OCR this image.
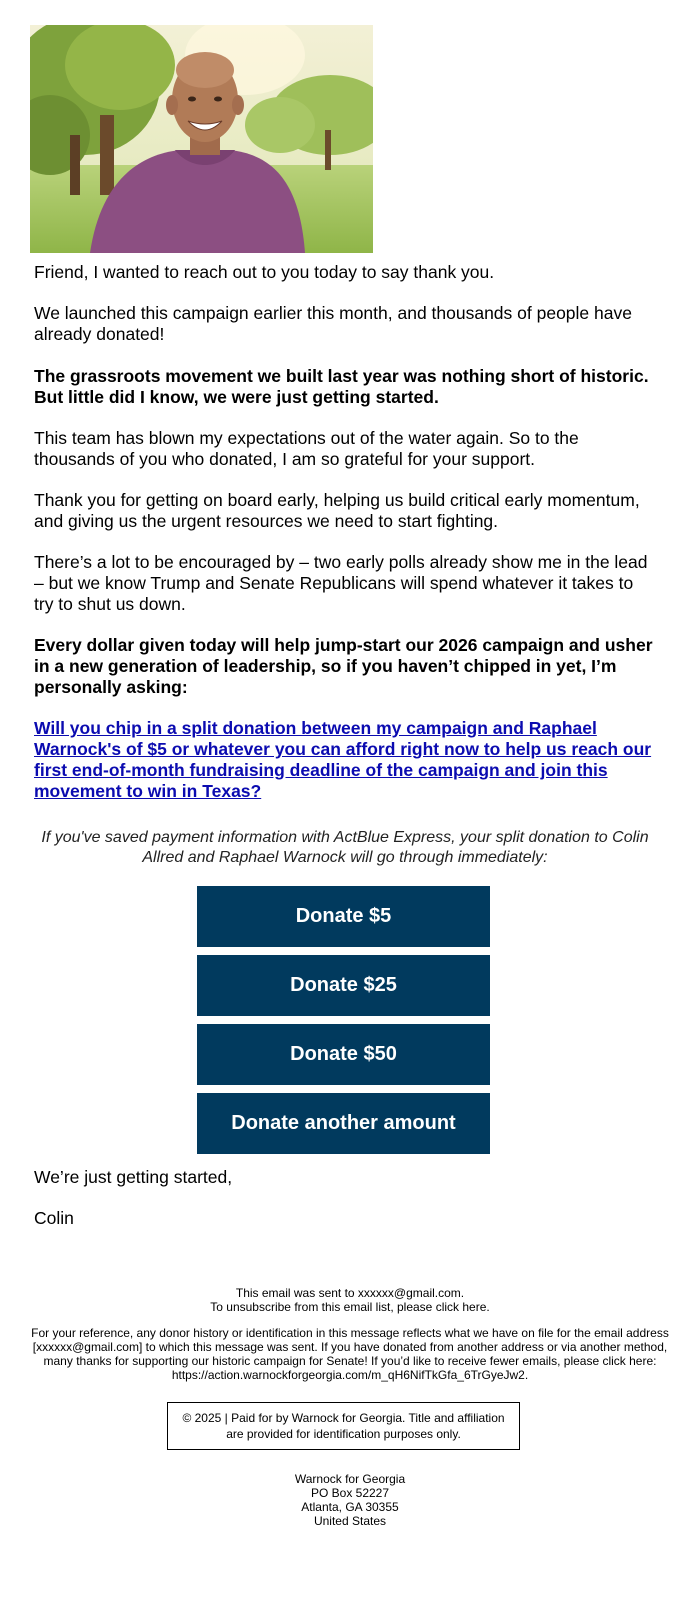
Friend, I wanted to reach out to you today to say thank you.

We launched this campaign earlier this month, and thousands of people have already donated!

The grassroots movement we built last year was nothing short of historic. But little did I know, we were just getting started.

This team has blown my expectations out of the water again. So to the thousands of you who donated, I am so grateful for your support.

Thank you for getting on board early, helping us build critical early momentum, and giving us the urgent resources we need to start fighting.

There’s a lot to be encouraged by – two early polls already show me in the lead – but we know Trump and Senate Republicans will spend whatever it takes to try to shut us down.

Every dollar given today will help jump-start our 2026 campaign and usher in a new generation of leadership, so if you haven’t chipped in yet, I’m personally asking:

Will you chip in a split donation between my campaign and Raphael Warnock's of $5 or whatever you can afford right now to help us reach our first end-of-month fundraising deadline of the campaign and join this movement to win in Texas?

If you've saved payment information with ActBlue Express, your split donation to Colin Allred and Raphael Warnock will go through immediately:
Donate $5
Donate $25
Donate $50
Donate another amount

We’re just getting started,

Colin

This email was sent to xxxxxx@gmail.com.
To unsubscribe from this email list, please click here.
For your reference, any donor history or identification in this message reflects what we have on file for the email address [xxxxxx@gmail.com] to which this message was sent. If you have donated from another address or via another method, many thanks for supporting our historic campaign for Senate! If you’d like to receive fewer emails, please click here: https://action.warnockforgeorgia.com/m_qH6NifTkGfa_6TrGyeJw2.
© 2025 | Paid for by Warnock for Georgia. Title and affiliation are provided for identification purposes only.
Warnock for Georgia
PO Box 52227
Atlanta, GA 30355
United States
